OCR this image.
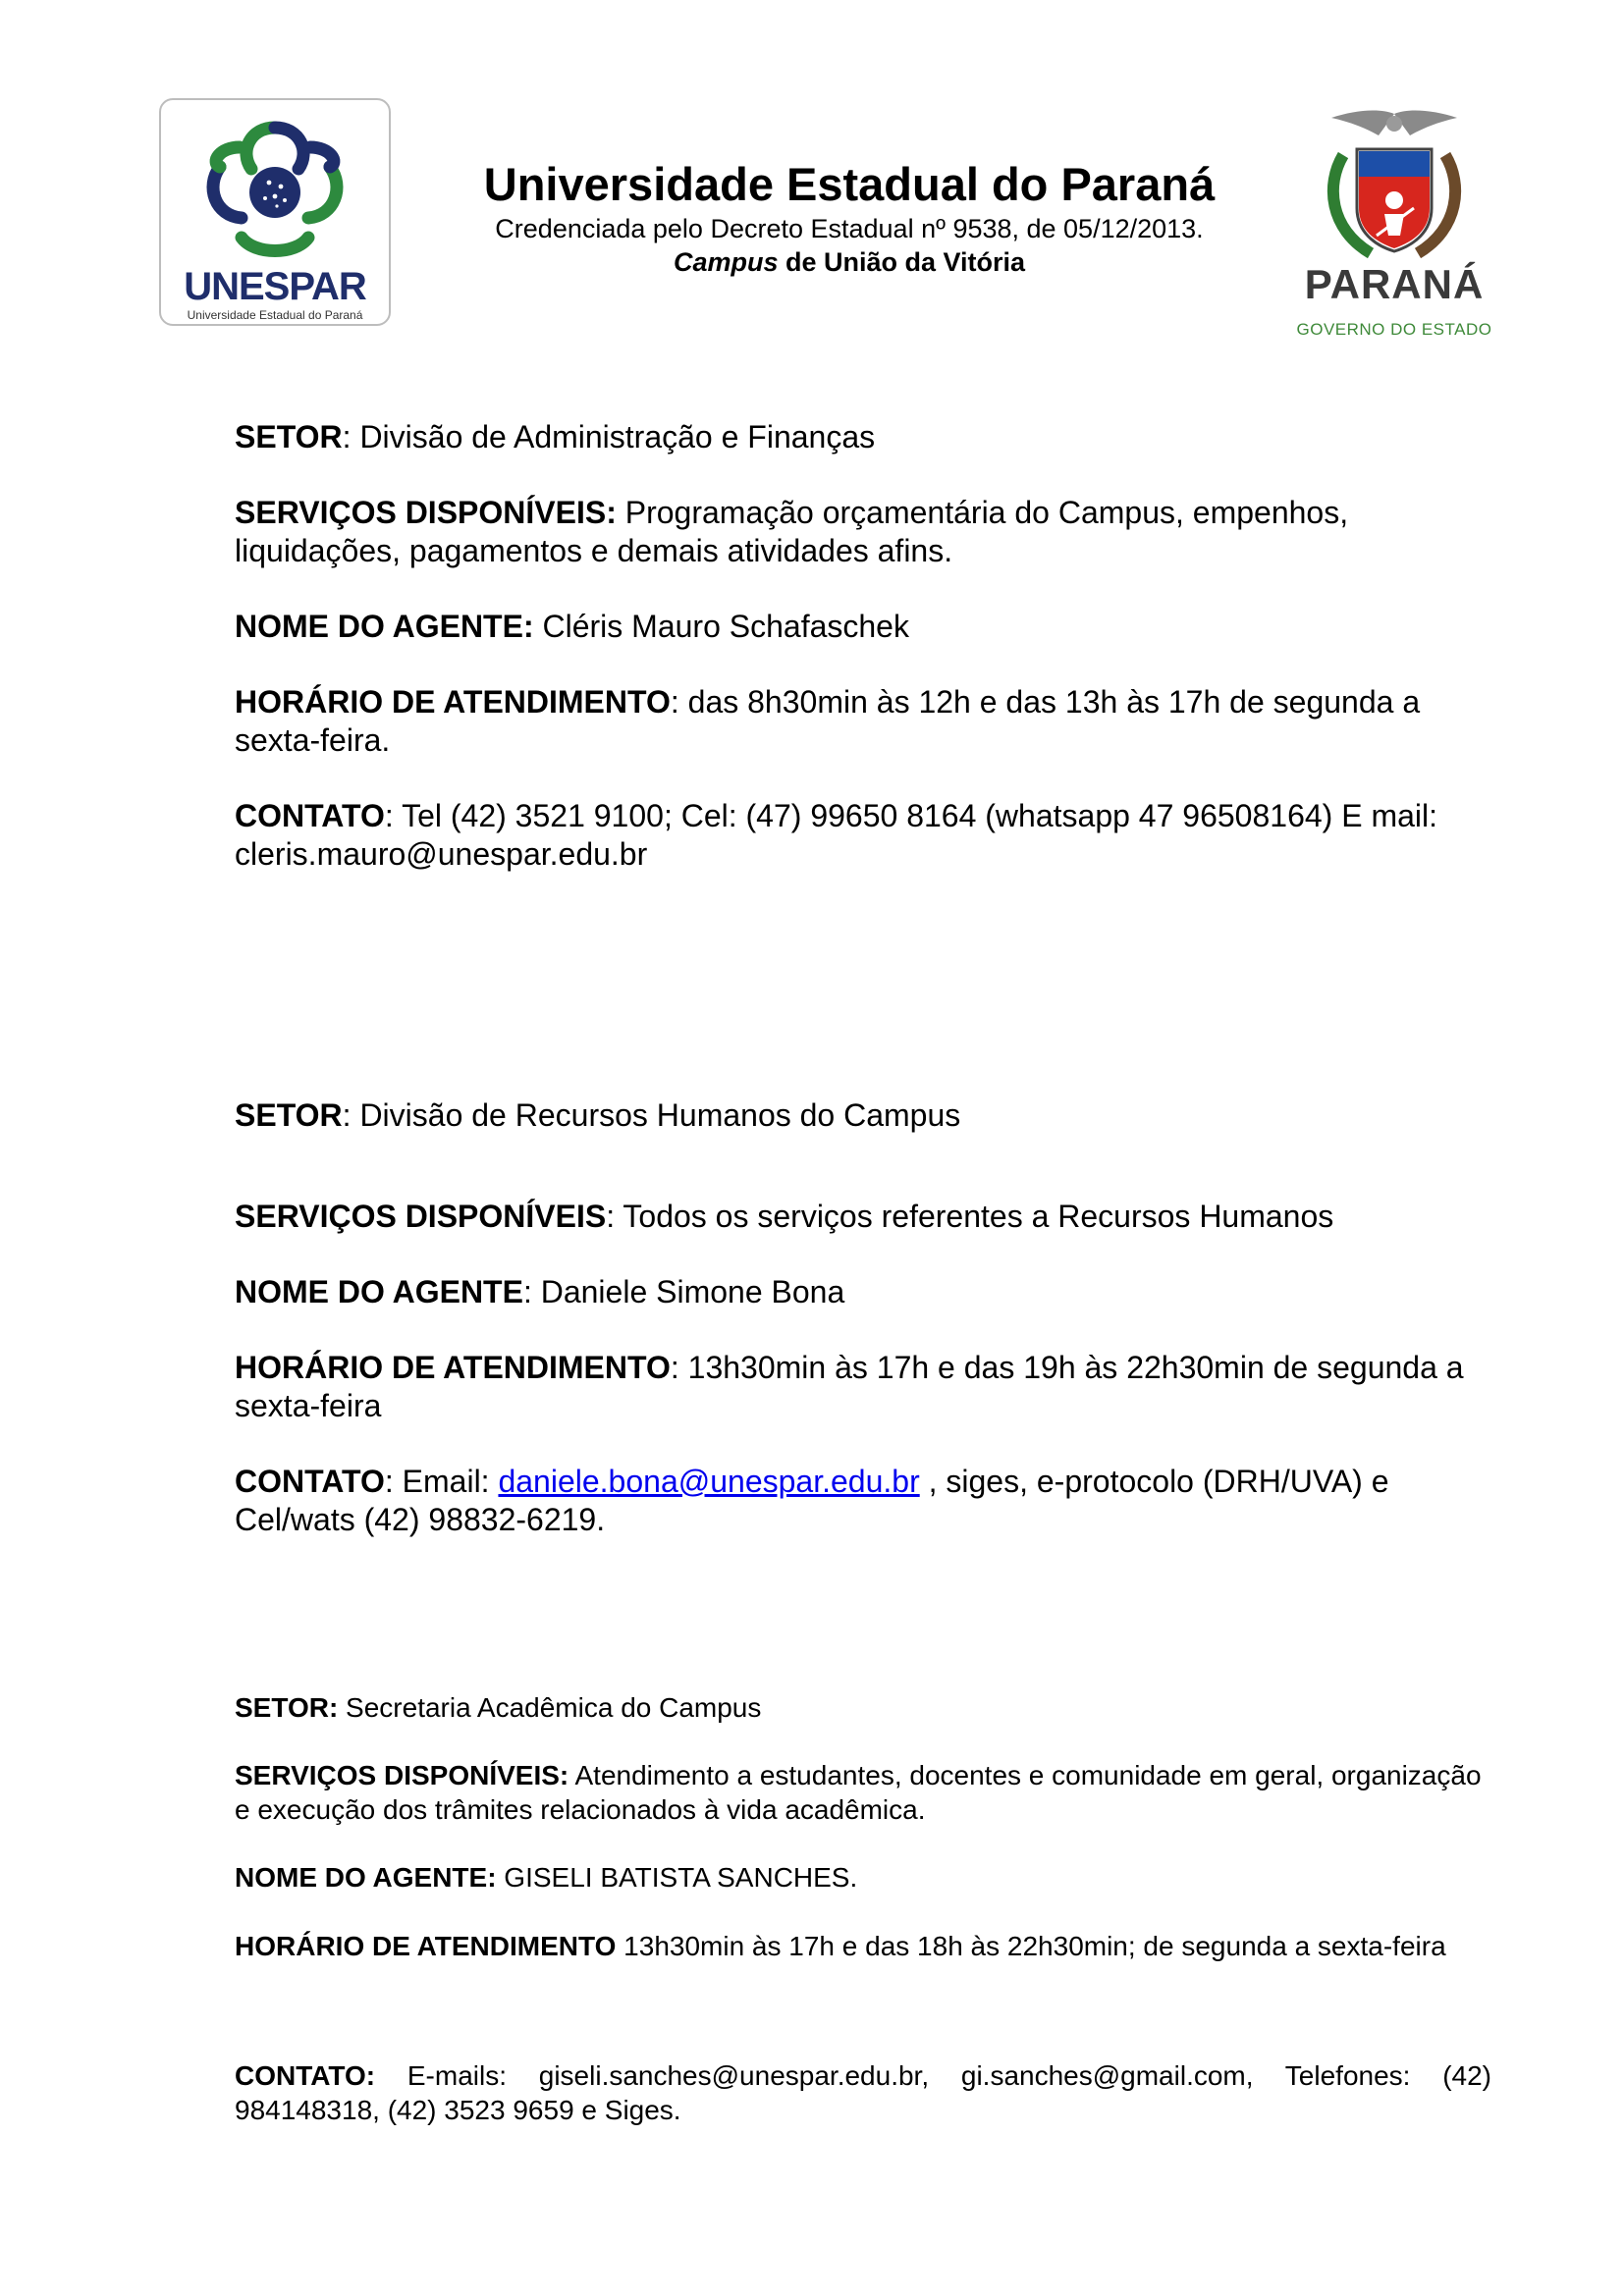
UNESPAR
Universidade Estadual do Paraná
Universidade Estadual do Paraná
Credenciada pelo Decreto Estadual nº 9538, de 05/12/2013.
Campus de União da Vitória	PARANÁ
GOVERNO DO ESTADO

SETOR: Divisão de Administração e Finanças

SERVIÇOS DISPONÍVEIS: Programação orçamentária do Campus, empenhos, liquidações, pagamentos e demais atividades afins.

NOME DO AGENTE: Cléris Mauro Schafaschek

HORÁRIO DE ATENDIMENTO: das 8h30min às 12h e das 13h às 17h de segunda a sexta-feira.

CONTATO: Tel (42) 3521 9100; Cel: (47) 99650 8164 (whatsapp 47 96508164) E mail: cleris.mauro@unespar.edu.br

SETOR: Divisão de Recursos Humanos do Campus

SERVIÇOS DISPONÍVEIS: Todos os serviços referentes a Recursos Humanos

NOME DO AGENTE: Daniele Simone Bona

HORÁRIO DE ATENDIMENTO: 13h30min às 17h e das 19h às 22h30min de segunda a sexta-feira

CONTATO: Email: daniele.bona@unespar.edu.br , siges, e-protocolo (DRH/UVA) e Cel/wats (42) 98832-6219.

SETOR: Secretaria Acadêmica do Campus

SERVIÇOS DISPONÍVEIS: Atendimento a estudantes, docentes e comunidade em geral, organização e execução dos trâmites relacionados à vida acadêmica.

NOME DO AGENTE: GISELI BATISTA SANCHES.

HORÁRIO DE ATENDIMENTO 13h30min às 17h e das 18h às 22h30min; de segunda a sexta-feira

CONTATO: E-mails: giseli.sanches@unespar.edu.br, gi.sanches@gmail.com, Telefones: (42) 984148318, (42) 3523 9659 e Siges.
